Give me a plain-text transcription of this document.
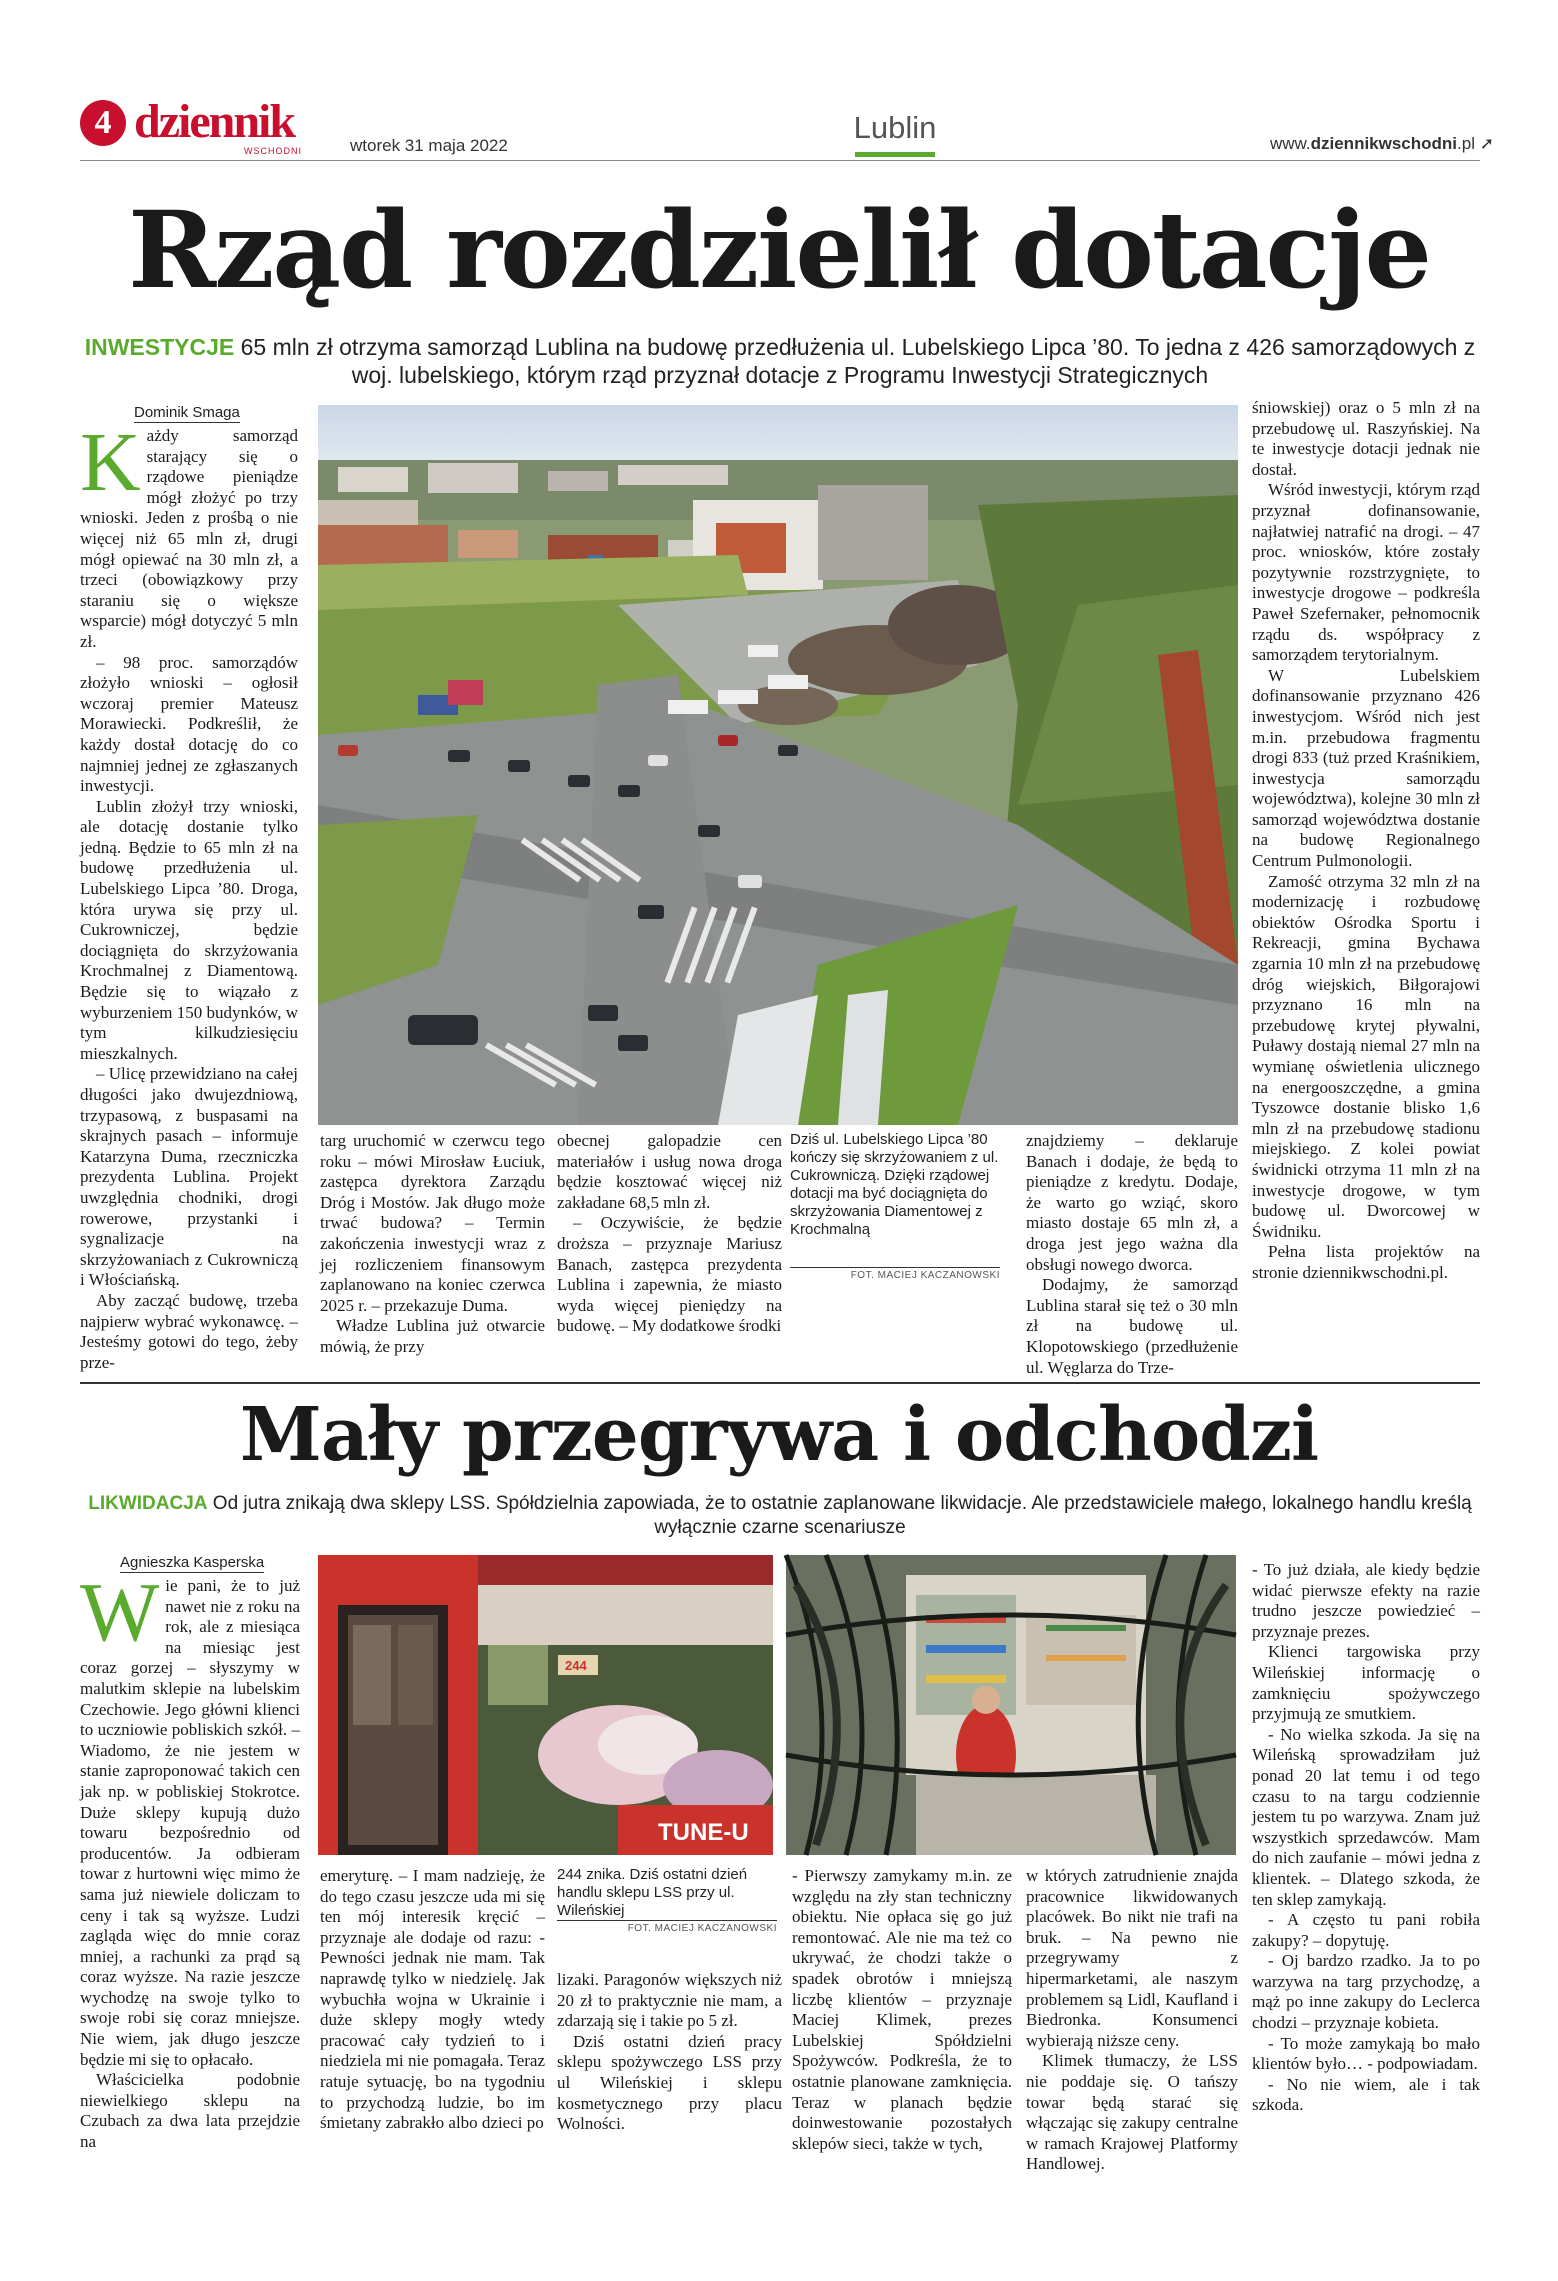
4 dziennik
WSCHODNI	wtorek 31 maja 2022
Lublin	www.dziennikwschodni.pl ➚
Rząd rozdzielił dotacje
INWESTYCJE 65 mln zł otrzyma samorząd Lublina na budowę przedłużenia ul. Lubelskiego Lipca ’80. To jedna z 426 samorządowych z woj. lubelskiego, którym rząd przyznał dotacje z Programu Inwestycji Strategicznych
Dominik Smaga
K ażdy samorząd starający się o rządowe pieniądze mógł złożyć po trzy wnioski. Jeden z prośbą o nie więcej niż 65 mln zł, drugi mógł opiewać na 30 mln zł, a trzeci (obowiązkowy przy staraniu się o większe wsparcie) mógł dotyczyć 5 mln zł.

– 98 proc. samorządów złożyło wnioski – ogłosił wczoraj premier Mateusz Morawiecki. Podkreślił, że każdy dostał dotację do co najmniej jednej ze zgłaszanych inwestycji.

Lublin złożył trzy wnioski, ale dotację dostanie tylko jedną. Będzie to 65 mln zł na budowę przedłużenia ul. Lubelskiego Lipca ’80. Droga, która urywa się przy ul. Cukrowniczej, będzie dociągnięta do skrzyżowania Krochmalnej z Diamentową. Będzie się to wiązało z wyburzeniem 150 budynków, w tym kilkudziesięciu mieszkalnych.

– Ulicę przewidziano na całej długości jako dwujezdniową, trzypasową, z buspasami na skrajnych pasach – informuje Katarzyna Duma, rzeczniczka prezydenta Lublina. Projekt uwzględnia chodniki, drogi rowerowe, przystanki i sygnalizacje na skrzyżowaniach z Cukrowniczą i Włościańską.

Aby zacząć budowę, trzeba najpierw wybrać wykonawcę. – Jesteśmy gotowi do tego, żeby prze-

targ uruchomić w czerwcu tego roku – mówi Mirosław Łuciuk, zastępca dyrektora Zarządu Dróg i Mostów. Jak długo może trwać budowa? – Termin zakończenia inwestycji wraz z jej rozliczeniem finansowym zaplanowano na koniec czerwca 2025 r. – przekazuje Duma.

Władze Lublina już otwarcie mówią, że przy

obecnej galopadzie cen materiałów i usług nowa droga będzie kosztować więcej niż zakładane 68,5 mln zł.

– Oczywiście, że będzie droższa – przyznaje Mariusz Banach, zastępca prezydenta Lublina i zapewnia, że miasto wyda więcej pieniędzy na budowę. – My dodatkowe środki

Dziś ul. Lubelskiego Lipca ’80 kończy się skrzyżowaniem z ul. Cukrowniczą. Dzięki rządowej dotacji ma być dociągnięta do skrzyżowania Diamentowej z Krochmalną
FOT. MACIEJ KACZANOWSKI

znajdziemy – deklaruje Banach i dodaje, że będą to pieniądze z kredytu. Dodaje, że warto go wziąć, skoro miasto dostaje 65 mln zł, a droga jest jego ważna dla obsługi nowego dworca.

Dodajmy, że samorząd Lublina starał się też o 30 mln zł na budowę ul. Klopotowskiego (przedłużenie ul. Węglarza do Trze-

śniowskiej) oraz o 5 mln zł na przebudowę ul. Raszyńskiej. Na te inwestycje dotacji jednak nie dostał.

Wśród inwestycji, którym rząd przyznał dofinansowanie, najłatwiej natrafić na drogi. – 47 proc. wniosków, które zostały pozytywnie rozstrzygnięte, to inwestycje drogowe – podkreśla Paweł Szefernaker, pełnomocnik rządu ds. współpracy z samorządem terytorialnym.

W Lubelskiem dofinansowanie przyznano 426 inwestycjom. Wśród nich jest m.in. przebudowa fragmentu drogi 833 (tuż przed Kraśnikiem, inwestycja samorządu województwa), kolejne 30 mln zł samorząd województwa dostanie na budowę Regionalnego Centrum Pulmonologii.

Zamość otrzyma 32 mln zł na modernizację i rozbudowę obiektów Ośrodka Sportu i Rekreacji, gmina Bychawa zgarnia 10 mln zł na przebudowę dróg wiejskich, Biłgorajowi przyznano 16 mln na przebudowę krytej pływalni, Puławy dostają niemal 27 mln na wymianę oświetlenia ulicznego na energooszczędne, a gmina Tyszowce dostanie blisko 1,6 mln zł na przebudowę stadionu miejskiego. Z kolei powiat świdnicki otrzyma 11 mln zł na inwestycje drogowe, w tym budowę ul. Dworcowej w Świdniku.

Pełna lista projektów na stronie dziennikwschodni.pl.

Mały przegrywa i odchodzi
LIKWIDACJA Od jutra znikają dwa sklepy LSS. Spółdzielnia zapowiada, że to ostatnie zaplanowane likwidacje. Ale przedstawiciele małego, lokalnego handlu kreślą wyłącznie czarne scenariusze
Agnieszka Kasperska
W ie pani, że to już nawet nie z roku na rok, ale z miesiąca na miesiąc jest coraz gorzej – słyszymy w malutkim sklepie na lubelskim Czechowie. Jego główni klienci to uczniowie pobliskich szkół. – Wiadomo, że nie jestem w stanie zaproponować takich cen jak np. w pobliskiej Stokrotce. Duże sklepy kupują dużo towaru bezpośrednio od producentów. Ja odbieram towar z hurtowni więc mimo że sama już niewiele doliczam to ceny i tak są wyższe. Ludzi zagląda więc do mnie coraz mniej, a rachunki za prąd są coraz wyższe. Na razie jeszcze wychodzę na swoje tylko to swoje robi się coraz mniejsze. Nie wiem, jak długo jeszcze będzie mi się to opłacało.

Właścicielka podobnie niewielkiego sklepu na Czubach za dwa lata przejdzie na

244
TUNE-U

emeryturę. – I mam nadzieję, że do tego czasu jeszcze uda mi się ten mój interesik kręcić – przyznaje ale dodaje od razu: - Pewności jednak nie mam. Tak naprawdę tylko w niedzielę. Jak wybuchła wojna w Ukrainie i duże sklepy mogły wtedy pracować cały tydzień to i niedziela mi nie pomagała. Teraz ratuje sytuację, bo na tygodniu to przychodzą ludzie, bo im śmietany zabrakło albo dzieci po

244 znika. Dziś ostatni dzień handlu sklepu LSS przy ul. Wileńskiej
FOT. MACIEJ KACZANOWSKI

lizaki. Paragonów większych niż 20 zł to praktycznie nie mam, a zdarzają się i takie po 5 zł.

Dziś ostatni dzień pracy sklepu spożywczego LSS przy ul Wileńskiej i sklepu kosmetycznego przy placu Wolności.

- Pierwszy zamykamy m.in. ze względu na zły stan techniczny obiektu. Nie opłaca się go już remontować. Ale nie ma też co ukrywać, że chodzi także o spadek obrotów i mniejszą liczbę klientów – przyznaje Maciej Klimek, prezes Lubelskiej Spółdzielni Spożywców. Podkreśla, że to ostatnie planowane zamknięcia. Teraz w planach będzie doinwestowanie pozostałych sklepów sieci, także w tych,

w których zatrudnienie znajda pracownice likwidowanych placówek. Bo nikt nie trafi na bruk. – Na pewno nie przegrywamy z hipermarketami, ale naszym problemem są Lidl, Kaufland i Biedronka. Konsumenci wybierają niższe ceny.

Klimek tłumaczy, że LSS nie poddaje się. O tańszy towar będą starać się włączając się zakupy centralne w ramach Krajowej Platformy Handlowej.

- To już działa, ale kiedy będzie widać pierwsze efekty na razie trudno jeszcze powiedzieć – przyznaje prezes.

Klienci targowiska przy Wileńskiej informację o zamknięciu spożywczego przyjmują ze smutkiem.

- No wielka szkoda. Ja się na Wileńską sprowadziłam już ponad 20 lat temu i od tego czasu to na targu codziennie jestem tu po warzywa. Znam już wszystkich sprzedawców. Mam do nich zaufanie – mówi jedna z klientek. – Dlatego szkoda, że ten sklep zamykają.

- A często tu pani robiła zakupy? – dopytuję.

- Oj bardzo rzadko. Ja to po warzywa na targ przychodzę, a mąż po inne zakupy do Leclerca chodzi – przyznaje kobieta.

- To może zamykają bo mało klientów było… - podpowiadam.

- No nie wiem, ale i tak szkoda.
